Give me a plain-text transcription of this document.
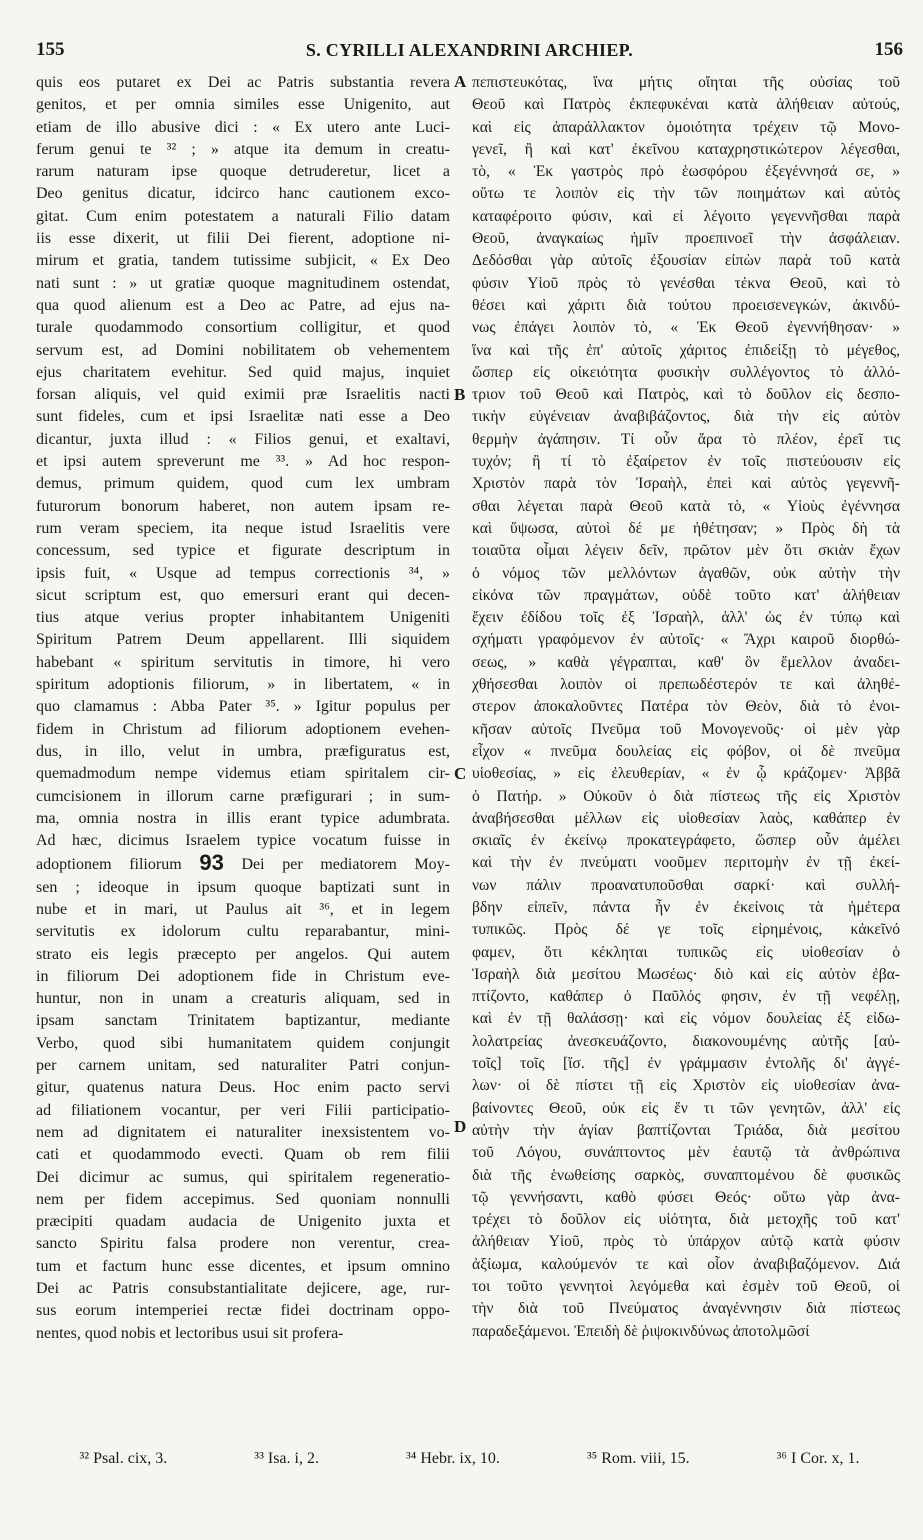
155	S. CYRILLI ALEXANDRINI ARCHIEP.	156
quis eos putaret ex Dei ac Patris substantia revera
genitos, et per omnia similes esse Unigenito, aut
etiam de illo abusive dici : « Ex utero ante Luci-
ferum genui te ³² ; » atque ita demum in creatu-
rarum naturam ipse quoque detruderetur, licet a
Deo genitus dicatur, idcirco hanc cautionem exco-
gitat. Cum enim potestatem a naturali Filio datam
iis esse dixerit, ut filii Dei fierent, adoptione ni-
mirum et gratia, tandem tutissime subjicit, « Ex Deo
nati sunt : » ut gratiæ quoque magnitudinem ostendat,
qua quod alienum est a Deo ac Patre, ad ejus na-
turale quodammodo consortium colligitur, et quod
servum est, ad Domini nobilitatem ob vehementem
ejus charitatem evehitur. Sed quid majus, inquiet
forsan aliquis, vel quid eximii præ Israelitis nacti
sunt fideles, cum et ipsi Israelitæ nati esse a Deo
dicantur, juxta illud : « Filios genui, et exaltavi,
et ipsi autem spreverunt me ³³. » Ad hoc respon-
demus, primum quidem, quod cum lex umbram
futurorum bonorum haberet, non autem ipsam re-
rum veram speciem, ita neque istud Israelitis vere
concessum, sed typice et figurate descriptum in
ipsis fuit, « Usque ad tempus correctionis ³⁴, »
sicut scriptum est, quo emersuri erant qui decen-
tius atque verius propter inhabitantem Unigeniti
Spiritum Patrem Deum appellarent. Illi siquidem
habebant « spiritum servitutis in timore, hi vero
spiritum adoptionis filiorum, » in libertatem, « in
quo clamamus : Abba Pater ³⁵. » Igitur populus per
fidem in Christum ad filiorum adoptionem evehen-
dus, in illo, velut in umbra, præfiguratus est,
quemadmodum nempe videmus etiam spiritalem cir-
cumcisionem in illorum carne præfigurari ; in sum-
ma, omnia nostra in illis erant typice adumbrata.
Ad hæc, dicimus Israelem typice vocatum fuisse in
adoptionem filiorum 93 Dei per mediatorem Moy-
sen ; ideoque in ipsum quoque baptizati sunt in
nube et in mari, ut Paulus ait ³⁶, et in legem
servitutis ex idolorum cultu reparabantur, mini-
strato eis legis præcepto per angelos. Qui autem
in filiorum Dei adoptionem fide in Christum eve-
huntur, non in unam a creaturis aliquam, sed in
ipsam sanctam Trinitatem baptizantur, mediante
Verbo, quod sibi humanitatem quidem conjungit
per carnem unitam, sed naturaliter Patri conjun-
gitur, quatenus natura Deus. Hoc enim pacto servi
ad filiationem vocantur, per veri Filii participatio-
nem ad dignitatem ei naturaliter inexsistentem vo-
cati et quodammodo evecti. Quam ob rem filii
Dei dicimur ac sumus, qui spiritalem regeneratio-
nem per fidem accepimus. Sed quoniam nonnulli
præcipiti quadam audacia de Unigenito juxta et
sancto Spiritu falsa prodere non verentur, crea-
tum et factum hunc esse dicentes, et ipsum omnino
Dei ac Patris consubstantialitate dejicere, age, rur-
sus eorum intemperiei rectæ fidei doctrinam oppo-
nentes, quod nobis et lectoribus usui sit profera-
A
B
C
D
πεπιστευκότας, ἵνα μήτις οἴηται τῆς οὐσίας τοῦ
Θεοῦ καὶ Πατρὸς ἐκπεφυκέναι κατὰ ἀλήθειαν αὐτούς,
καὶ εἰς ἀπαράλλακτον ὁμοιότητα τρέχειν τῷ Μονο-
γενεῖ, ἢ καὶ κατ' ἐκεῖνου καταχρηστικώτερον λέγεσθαι,
τὸ, « Ἐκ γαστρὸς πρὸ ἑωσφόρου ἐξεγέννησά σε, »
οὕτω τε λοιπὸν εἰς τὴν τῶν ποιημάτων καὶ αὐτὸς
καταφέροιτο φύσιν, καὶ εἰ λέγοιτο γεγεννῆσθαι παρὰ
Θεοῦ, ἀναγκαίως ἡμῖν προεπινοεῖ τὴν ἀσφάλειαν.
Δεδόσθαι γὰρ αὐτοῖς ἐξουσίαν εἰπὼν παρὰ τοῦ κατὰ
φύσιν Υἱοῦ πρὸς τὸ γενέσθαι τέκνα Θεοῦ, καὶ τὸ
θέσει καὶ χάριτι διὰ τούτου προεισενεγκών, ἀκινδύ-
νως ἐπάγει λοιπὸν τὸ, « Ἐκ Θεοῦ ἐγεννήθησαν· »
ἵνα καὶ τῆς ἐπ' αὐτοῖς χάριτος ἐπιδείξῃ τὸ μέγεθος,
ὥσπερ εἰς οἰκειότητα φυσικὴν συλλέγοντος τὸ ἀλλό-
τριον τοῦ Θεοῦ καὶ Πατρὸς, καὶ τὸ δοῦλον εἰς δεσπο-
τικὴν εὐγένειαν ἀναβιβάζοντος, διὰ τὴν εἰς αὐτὸν
θερμὴν ἀγάπησιν. Τί οὖν ἄρα τὸ πλέον, ἐρεῖ τις
τυχόν; ἢ τί τὸ ἐξαίρετον ἐν τοῖς πιστεύουσιν εἰς
Χριστὸν παρὰ τὸν Ἰσραὴλ, ἐπεὶ καὶ αὐτὸς γεγεννῆ-
σθαι λέγεται παρὰ Θεοῦ κατὰ τὸ, « Υἱοὺς ἐγέννησα
καὶ ὕψωσα, αὐτοὶ δέ με ἠθέτησαν; » Πρὸς δὴ τὰ
τοιαῦτα οἶμαι λέγειν δεῖν, πρῶτον μὲν ὅτι σκιὰν ἔχων
ὁ νόμος τῶν μελλόντων ἀγαθῶν, οὐκ αὐτὴν τὴν
εἰκόνα τῶν πραγμάτων, οὐδὲ τοῦτο κατ' ἀλήθειαν
ἔχειν ἐδίδου τοῖς ἐξ Ἰσραὴλ, ἀλλ' ὡς ἐν τύπῳ καὶ
σχήματι γραφόμενον ἐν αὐτοῖς· « Ἄχρι καιροῦ διορθώ-
σεως, » καθὰ γέγραπται, καθ' ὃν ἔμελλον ἀναδει-
χθήσεσθαι λοιπὸν οἱ πρεπωδέστερόν τε καὶ ἀληθέ-
στερον ἀποκαλοῦντες Πατέρα τὸν Θεὸν, διὰ τὸ ἐνοι-
κῆσαν αὐτοῖς Πνεῦμα τοῦ Μονογενοῦς· οἱ μὲν γὰρ
εἶχον « πνεῦμα δουλείας εἰς φόβον, οἱ δὲ πνεῦμα
υἱοθεσίας, » εἰς ἐλευθερίαν, « ἐν ᾧ κράζομεν· Ἀββᾶ
ὁ Πατήρ. » Οὐκοῦν ὁ διὰ πίστεως τῆς εἰς Χριστὸν
ἀναβήσεσθαι μέλλων εἰς υἱοθεσίαν λαὸς, καθάπερ ἐν
σκιαῖς ἐν ἐκείνῳ προκατεγράφετο, ὥσπερ οὖν ἀμέλει
καὶ τὴν ἐν πνεύματι νοοῦμεν περιτομὴν ἐν τῇ ἐκεί-
νων πάλιν προανατυποῦσθαι σαρκί· καὶ συλλή-
βδην εἰπεῖν, πάντα ἦν ἐν ἐκείνοις τὰ ἡμέτερα
τυπικῶς. Πρὸς δέ γε τοῖς εἰρημένοις, κἀκεῖνό
φαμεν, ὅτι κέκληται τυπικῶς εἰς υἱοθεσίαν ὁ
Ἰσραὴλ διὰ μεσίτου Μωσέως· διὸ καὶ εἰς αὐτὸν ἐβα-
πτίζοντο, καθάπερ ὁ Παῦλός φησιν, ἐν τῇ νεφέλῃ,
καὶ ἐν τῇ θαλάσσῃ· καὶ εἰς νόμον δουλείας ἐξ εἰδω-
λολατρείας ἀνεσκευάζοντο, διακονουμένης αὐτῆς [αὐ-
τοῖς] τοῖς [ἴσ. τῆς] ἐν γράμμασιν ἐντολῆς δι' ἀγγέ-
λων· οἱ δὲ πίστει τῇ εἰς Χριστὸν εἰς υἱοθεσίαν ἀνα-
βαίνοντες Θεοῦ, οὐκ εἰς ἕν τι τῶν γενητῶν, ἀλλ' εἰς
αὐτὴν τὴν ἁγίαν βαπτίζονται Τριάδα, διὰ μεσίτου
τοῦ Λόγου, συνάπτοντος μὲν ἑαυτῷ τὰ ἀνθρώπινα
διὰ τῆς ἑνωθείσης σαρκὸς, συναπτομένου δὲ φυσικῶς
τῷ γεννήσαντι, καθὸ φύσει Θεός· οὕτω γὰρ ἀνα-
τρέχει τὸ δοῦλον εἰς υἱότητα, διὰ μετοχῆς τοῦ κατ'
ἀλήθειαν Υἱοῦ, πρὸς τὸ ὑπάρχον αὐτῷ κατὰ φύσιν
ἀξίωμα, καλούμενόν τε καὶ οἷον ἀναβιβαζόμενον. Διά
τοι τοῦτο γεννητοὶ λεγόμεθα καὶ ἐσμὲν τοῦ Θεοῦ, οἱ
τὴν διὰ τοῦ Πνεύματος ἀναγέννησιν διὰ πίστεως
παραδεξάμενοι. Ἐπειδὴ δὲ ῥιψοκινδύνως ἀποτολμῶσί
³² Psal. cix, 3.	³³ Isa. i, 2.	³⁴ Hebr. ix, 10.	³⁵ Rom. viii, 15.	³⁶ I Cor. x, 1.
